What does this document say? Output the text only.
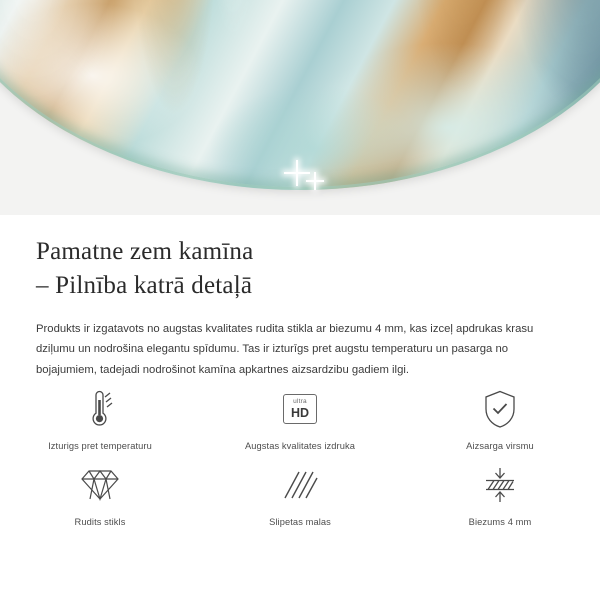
Pamatne zem kamīna
– Pilnība katrā detaļā

Produkts ir izgatavots no augstas kvalitates rudita stikla ar biezumu 4 mm, kas izceļ apdrukas krasu dziļumu un nodrošina elegantu spīdumu. Tas ir izturīgs pret augstu temperaturu un pasarga no bojajumiem, tadejadi nodrošinot kamīna apkartnes aizsardzibu gadiem ilgi.

Izturigs pret temperaturu
ultra
HD
Augstas kvalitates izdruka	Aizsarga virsmu
Rudits stikls	Slipetas malas	Biezums 4 mm
